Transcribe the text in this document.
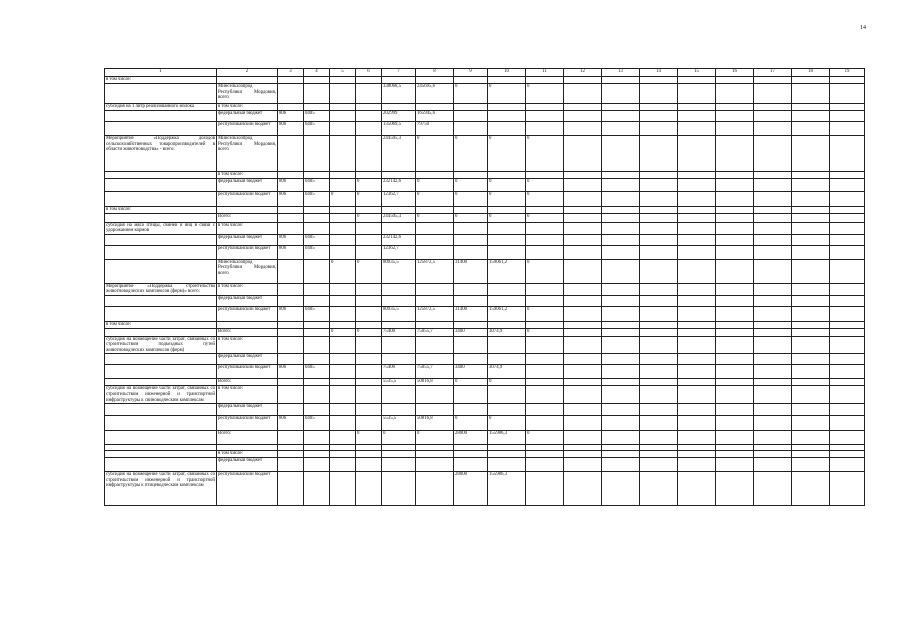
14
1	2	3	4	5	6	7	8	9	10	11	12	13	14	15	16	17	18	19
в том числе:																		
	Минсельхозпрод Республики Мордовия, всего					338068,5	245695,6	0	0	0								
субсидия на 1 литр реализованного молока	в том числе:																	
	федеральный бюджет	806	0405			202999	165945,6											
	республиканский бюджет	806	0405			135069,5	79750											
Мероприятие «Поддержка доходов сельскохозяйственных товаропроизводителей в области животноводства» - всего:	Минсельхозпрод Республики Мордовия, всего					244505,3	0	0	0	0								
	в том числе:																	
	федеральный бюджет	806	0405		0	232142,6	0	0	0	0								
	республиканский бюджет	806	0405	0	0	12362,7	0	0	0	0								
в том числе:																		
	Всего:				0	244505,3	0	0	0	0								
субсидия на мясо птицы, свиней и яиц в связи с удорожанием кормов	в том числе:																	
	федеральный бюджет	806	0405			232142,6												
	республиканский бюджет	806	0405			12362,7												
	Минсельхозпрод Республики Мордовия, всего			0	0	80935,5	125872,5	31400	159061,2	0								
Мероприятие «Поддержка строительства животноводческих комплексов (ферм)» всего:	в том числе:																	
	федеральный бюджет																	
	республиканский бюджет	806	0405			80935,5	125872,5	31400	159061,2	0								
в том числе:																		
	Всего:			0	0	75400	75055,7	3400	3074,9	0								
субсидия на возмещение части затрат, связанных со строительством подъездных путей животноводческих комплексов (ферм)	в том числе:																	
	федеральный бюджет																	
	республиканский бюджет	806	0405			75400	75055,7	3400	3074,9									
	Всего:					5535,5	50816,8	0	0									
субсидия на возмещение части затрат, связанных со строительством инженерной и транспортной инфраструктуры к свиноводческим комплексам	в том числе:																	
	федеральный бюджет																	
	республиканский бюджет	806	0405			5535,5	50816,8	0	0									
	Всего:				0	0	0	28000	155986,3	0								

	в том числе:																	
	федеральный бюджет																	
субсидия на возмещение части затрат, связанных со строительством инженерной и транспортной инфраструктуры к птицеводческим комплексам	республиканский бюджет							28000	155986,3									
